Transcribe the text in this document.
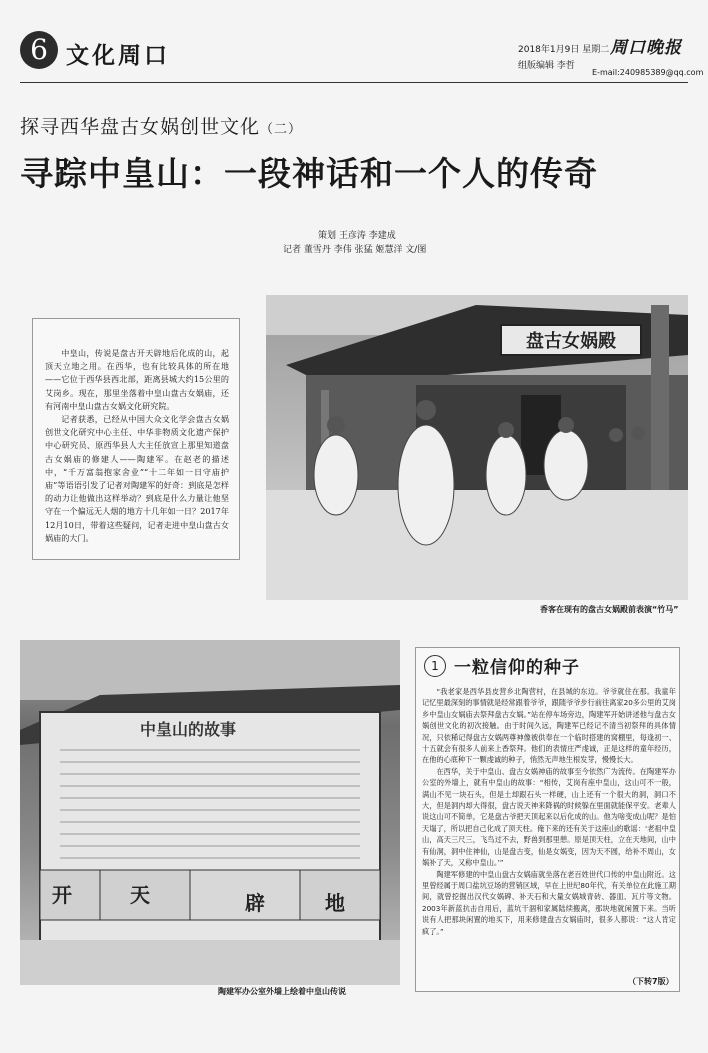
6 文化周口	2018年1月9日 星期二 周口晚报
组版编辑 李哲
E-mail:240985389@qq.com
探寻西华盘古女娲创世文化（二）
寻踪中皇山：一段神话和一个人的传奇
策划 王彦涛 李建成
记者 董雪丹 李伟 张猛 姬慧洋 文/图

中皇山，传说是盘古开天辟地后化成的山，起顶天立地之用。在西华，也有比较具体的所在地——它位于西华县西北部，距离县城大约15公里的艾岗乡。现在，那里坐落着中皇山盘古女娲庙，还有河南中皇山盘古女娲文化研究院。

记者获悉，已经从中国大众文化学会盘古女娲创世文化研究中心主任、中华非物质文化遗产保护中心研究员、原西华县人大主任放宣上那里知道盘古女娲庙的修建人——陶建军。在赵老的描述中，“千万富翁抱家舍业”“十二年如一日守庙护庙”等语语引发了记者对陶建军的好奇：到底是怎样的动力让他做出这样举动？到底是什么力量让他坚守在一个偏远无人烟的地方十几年如一日？2017年12月10日，带着这些疑问，记者走进中皇山盘古女娲庙的大门。

盘古女娲殿
香客在现有的盘古女娲殿前表演“竹马”
中皇山的故事
开	天	辟	地
陶建军办公室外墙上绘着中皇山传说
1 一粒信仰的种子

“我老家是西华县皮营乡北陶营村，在县城的东边。爷爷就住在那。我童年记忆里最深刻的事情就是经常跟着爷爷，跟随爷爷步行前往离家20多公里的艾岗乡中皇山女娲庙去祭拜盘古女娲。”站在停车场旁边，陶建军开始讲述他与盘古女娲创世文化的初次接触。由于时间久远，陶建军已经记不清当初祭拜的具体情况，只依稀记得盘古女娲两尊神像被供奉在一个临时搭建的窝棚里，每逢初一、十五就会有很多人前来上香祭拜。他们的表情庄严虔诚，正是这样的童年经历，在他的心底种下一颗虔诚的种子，悄然无声地生根发芽，慢慢长大。

在西华，关于中皇山、盘古女娲神庙的故事至今依然广为流传。在陶建军办公室的外墙上，就有中皇山的故事：“相传，艾岗有座中皇山，这山可不一般，满山不见一块石头，但是土却跟石头一样硬，山上还有一个很大的洞，洞口不大，但是洞内却大得很，盘古说天神来降祸的时候躲在里面就能保平安。老辈人说这山可不简单，它是盘古爷把天顶起来以后化成的山。他为啥变成山呢？是怕天塌了，所以把自己化成了顶天柱。俺下来的还有关于这座山的歌谣：‘老祖中皇山，高天三尺三，飞鸟过不去，野兽到那里憩。原是顶天柱，立在天地间，山中有仙洞，洞中住神仙，山是盘古变，仙是女娲变，因为天不圆，给补不周山，女娲补了天，又称中皇山。’”

陶建军修建的中皇山盘古女娲庙就坐落在老百姓世代口传的中皇山附近。这里曾经属于周口盐坑豆场的营销区域，早在上世纪80年代，有关单位在此施工期间，就曾挖掘出汉代女娲碑、补天石和大量女娲城青砖、器皿、瓦片等文物。2003年新蓝抗击自用后，蓝坑干涸和家属陆续搬离，那块地就闲置下来。当听说有人把那块闲置的地买下，用来修建盘古女娲庙时，很多人都说：“这人肯定疯了。”

（下转7版）
